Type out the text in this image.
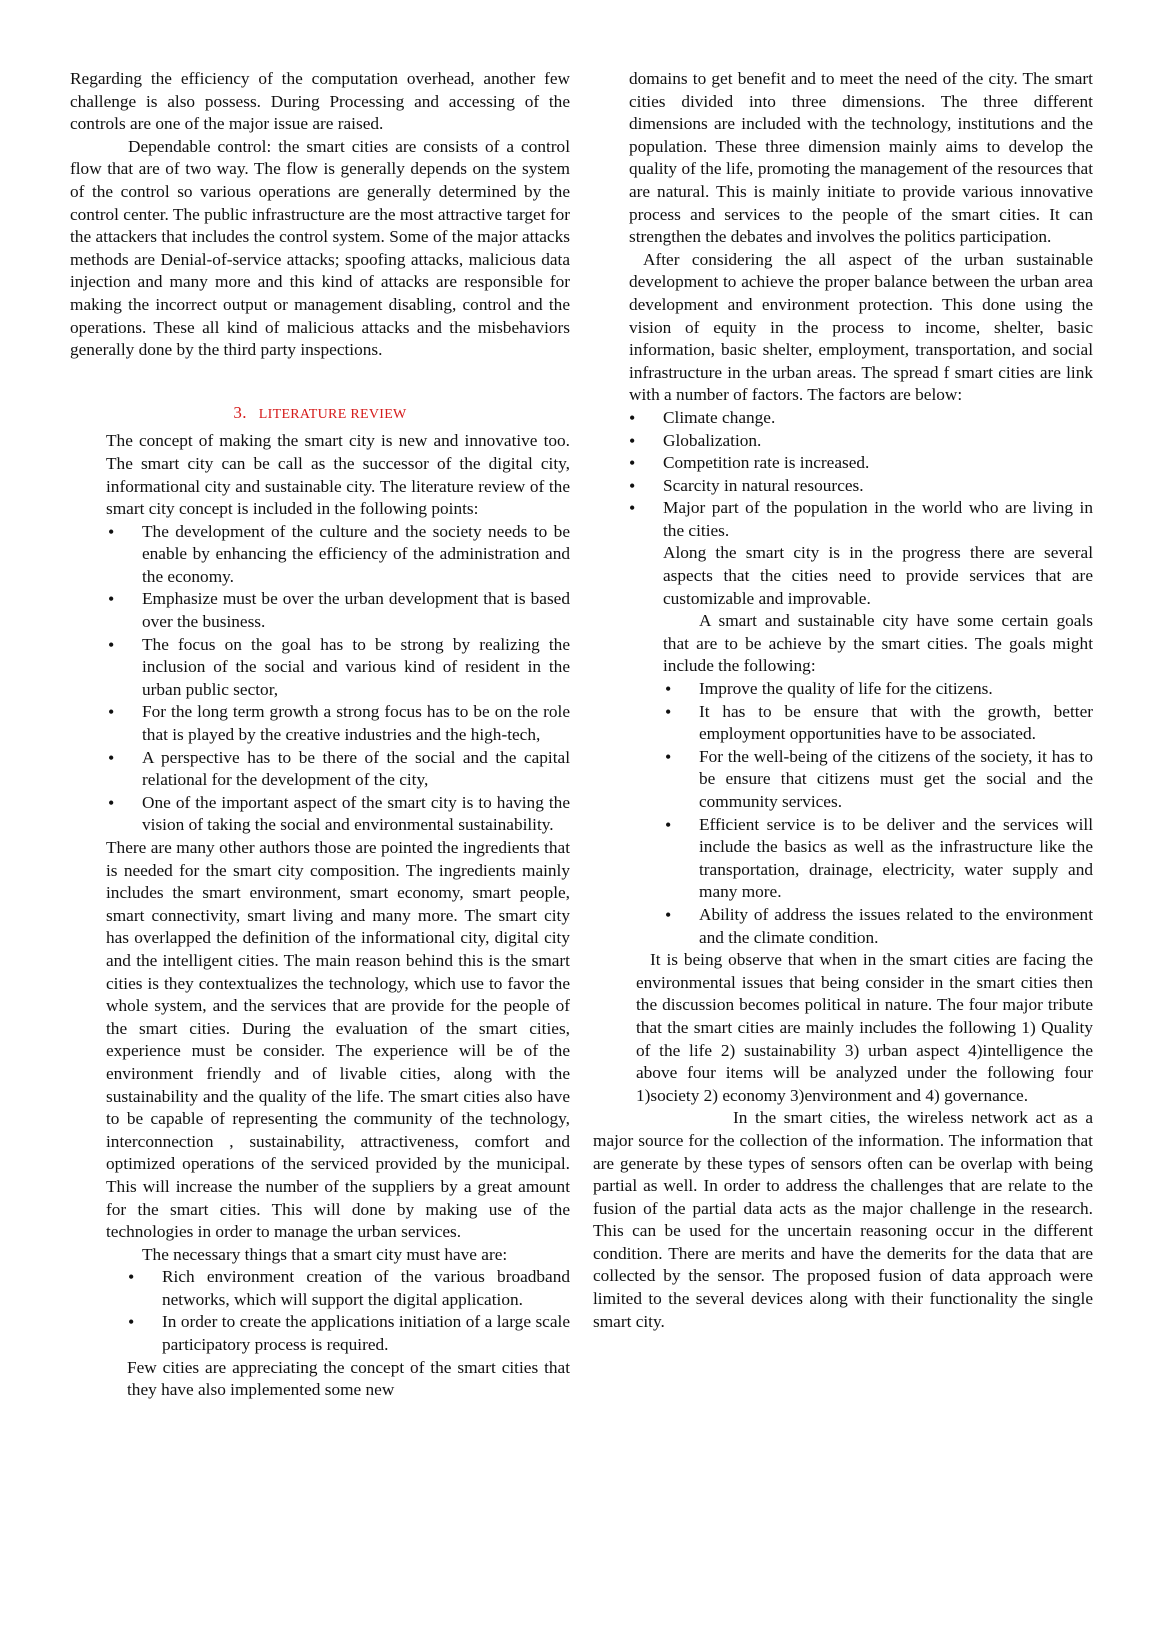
Regarding the efficiency of the computation overhead, another few challenge is also possess. During Processing and accessing of the controls are one of the major issue are raised.

Dependable control: the smart cities are consists of a control flow that are of two way. The flow is generally depends on the system of the control so various operations are generally determined by the control center. The public infrastructure are the most attractive target for the attackers that includes the control system. Some of the major attacks methods are Denial-of-service attacks; spoofing attacks, malicious data injection and many more and this kind of attacks are responsible for making the incorrect output or management disabling, control and the operations. These all kind of malicious attacks and the misbehaviors generally done by the third party inspections.

3. LITERATURE REVIEW

The concept of making the smart city is new and innovative too. The smart city can be call as the successor of the digital city, informational city and sustainable city. The literature review of the smart city concept is included in the following points:

• The development of the culture and the society needs to be enable by enhancing the efficiency of the administration and the economy.
• Emphasize must be over the urban development that is based over the business.
• The focus on the goal has to be strong by realizing the inclusion of the social and various kind of resident in the urban public sector,
• For the long term growth a strong focus has to be on the role that is played by the creative industries and the high-tech,
• A perspective has to be there of the social and the capital relational for the development of the city,
• One of the important aspect of the smart city is to having the vision of taking the social and environmental sustainability.

There are many other authors those are pointed the ingredients that is needed for the smart city composition. The ingredients mainly includes the smart environment, smart economy, smart people, smart connectivity, smart living and many more. The smart city has overlapped the definition of the informational city, digital city and the intelligent cities. The main reason behind this is the smart cities is they contextualizes the technology, which use to favor the whole system, and the services that are provide for the people of the smart cities. During the evaluation of the smart cities, experience must be consider. The experience will be of the environment friendly and of livable cities, along with the sustainability and the quality of the life. The smart cities also have to be capable of representing the community of the technology, interconnection , sustainability, attractiveness, comfort and optimized operations of the serviced provided by the municipal. This will increase the number of the suppliers by a great amount for the smart cities. This will done by making use of the technologies in order to manage the urban services.

The necessary things that a smart city must have are:

• Rich environment creation of the various broadband networks, which will support the digital application.
• In order to create the applications initiation of a large scale participatory process is required.

Few cities are appreciating the concept of the smart cities that they have also implemented some new

domains to get benefit and to meet the need of the city. The smart cities divided into three dimensions. The three different dimensions are included with the technology, institutions and the population. These three dimension mainly aims to develop the quality of the life, promoting the management of the resources that are natural. This is mainly initiate to provide various innovative process and services to the people of the smart cities. It can strengthen the debates and involves the politics participation.

After considering the all aspect of the urban sustainable development to achieve the proper balance between the urban area development and environment protection. This done using the vision of equity in the process to income, shelter, basic information, basic shelter, employment, transportation, and social infrastructure in the urban areas. The spread f smart cities are link with a number of factors. The factors are below:

• Climate change.
• Globalization.
• Competition rate is increased.
• Scarcity in natural resources.
• Major part of the population in the world who are living in the cities.

Along the smart city is in the progress there are several aspects that the cities need to provide services that are customizable and improvable.

A smart and sustainable city have some certain goals that are to be achieve by the smart cities. The goals might include the following:

• Improve the quality of life for the citizens.
• It has to be ensure that with the growth, better employment opportunities have to be associated.
• For the well-being of the citizens of the society, it has to be ensure that citizens must get the social and the community services.
• Efficient service is to be deliver and the services will include the basics as well as the infrastructure like the transportation, drainage, electricity, water supply and many more.
• Ability of address the issues related to the environment and the climate condition.

It is being observe that when in the smart cities are facing the environmental issues that being consider in the smart cities then the discussion becomes political in nature. The four major tribute that the smart cities are mainly includes the following 1) Quality of the life 2) sustainability 3) urban aspect 4)intelligence the above four items will be analyzed under the following four 1)society 2) economy 3)environment and 4) governance.

In the smart cities, the wireless network act as a major source for the collection of the information. The information that are generate by these types of sensors often can be overlap with being partial as well. In order to address the challenges that are relate to the fusion of the partial data acts as the major challenge in the research. This can be used for the uncertain reasoning occur in the different condition. There are merits and have the demerits for the data that are collected by the sensor. The proposed fusion of data approach were limited to the several devices along with their functionality the single smart city.
